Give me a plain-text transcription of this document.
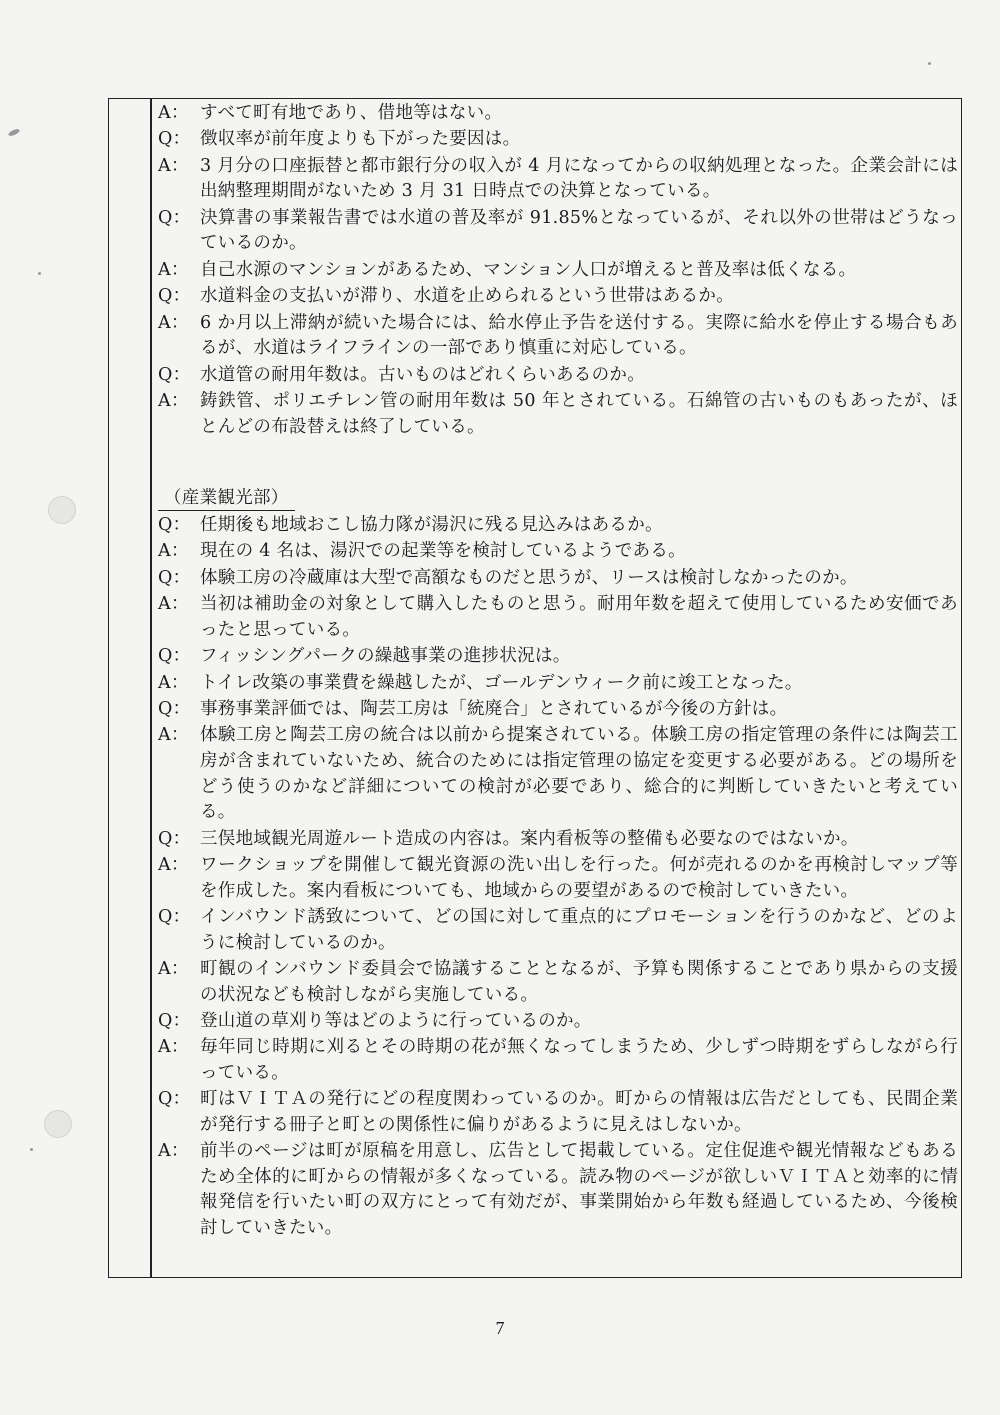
A： すべて町有地であり、借地等はない。
Q： 徴収率が前年度よりも下がった要因は。
A： 3 月分の口座振替と都市銀行分の収入が 4 月になってからの収納処理となった。企業会計には出納整理期間がないため 3 月 31 日時点での決算となっている。
Q： 決算書の事業報告書では水道の普及率が 91.85%となっているが、それ以外の世帯はどうなっているのか。
A： 自己水源のマンションがあるため、マンション人口が増えると普及率は低くなる。
Q： 水道料金の支払いが滞り、水道を止められるという世帯はあるか。
A： 6 か月以上滞納が続いた場合には、給水停止予告を送付する。実際に給水を停止する場合もあるが、水道はライフラインの一部であり慎重に対応している。
Q： 水道管の耐用年数は。古いものはどれくらいあるのか。
A： 鋳鉄管、ポリエチレン管の耐用年数は 50 年とされている。石綿管の古いものもあったが、ほとんどの布設替えは終了している。
（産業観光部）
Q： 任期後も地域おこし協力隊が湯沢に残る見込みはあるか。
A： 現在の 4 名は、湯沢での起業等を検討しているようである。
Q： 体験工房の冷蔵庫は大型で高額なものだと思うが、リースは検討しなかったのか。
A： 当初は補助金の対象として購入したものと思う。耐用年数を超えて使用しているため安価であったと思っている。
Q： フィッシングパークの繰越事業の進捗状況は。
A： トイレ改築の事業費を繰越したが、ゴールデンウィーク前に竣工となった。
Q： 事務事業評価では、陶芸工房は「統廃合」とされているが今後の方針は。
A： 体験工房と陶芸工房の統合は以前から提案されている。体験工房の指定管理の条件には陶芸工房が含まれていないため、統合のためには指定管理の協定を変更する必要がある。どの場所をどう使うのかなど詳細についての検討が必要であり、総合的に判断していきたいと考えている。
Q： 三俣地域観光周遊ルート造成の内容は。案内看板等の整備も必要なのではないか。
A： ワークショップを開催して観光資源の洗い出しを行った。何が売れるのかを再検討しマップ等を作成した。案内看板についても、地域からの要望があるので検討していきたい。
Q： インバウンド誘致について、どの国に対して重点的にプロモーションを行うのかなど、どのように検討しているのか。
A： 町観のインバウンド委員会で協議することとなるが、予算も関係することであり県からの支援の状況なども検討しながら実施している。
Q： 登山道の草刈り等はどのように行っているのか。
A： 毎年同じ時期に刈るとその時期の花が無くなってしまうため、少しずつ時期をずらしながら行っている。
Q： 町はＶＩＴＡの発行にどの程度関わっているのか。町からの情報は広告だとしても、民間企業が発行する冊子と町との関係性に偏りがあるように見えはしないか。
A： 前半のページは町が原稿を用意し、広告として掲載している。定住促進や観光情報などもあるため全体的に町からの情報が多くなっている。読み物のページが欲しいＶＩＴＡと効率的に情報発信を行いたい町の双方にとって有効だが、事業開始から年数も経過しているため、今後検討していきたい。
7
